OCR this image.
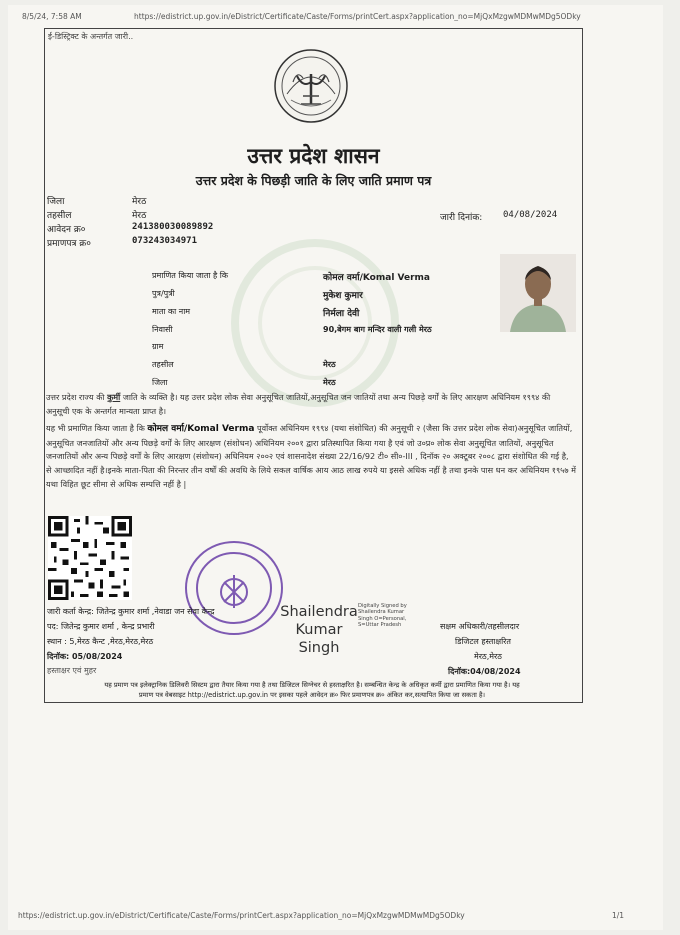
8/5/24, 7:58 AM	https://edistrict.up.gov.in/eDistrict/Certificate/Caste/Forms/printCert.aspx?application_no=MjQxMzgwMDMwMDg5ODky
ई-डिस्ट्रिक्ट के अन्तर्गत जारी..
उत्तर प्रदेश शासन
उत्तर प्रदेश के पिछड़ी जाति के लिए जाति प्रमाण पत्र
जिला	मेरठ
तहसील	मेरठ
आवेदन क्र०	241380030089892
प्रमाणपत्र क्र०	073243034971
जारी दिनांक: 04/08/2024
प्रमाणित किया जाता है कि	कोमल वर्मा/Komal Verma
पुत्र/पुत्री	मुकेश कुमार
माता का नाम	निर्मला देवी
निवासी	90,बेगम बाग मन्दिर वाली गली मेरठ
ग्राम
तहसील	मेरठ
जिला	मेरठ
उत्तर प्रदेश राज्य की कुर्मी जाति के व्यक्ति है। यह उत्तर प्रदेश लोक सेवा अनुसूचित जातियों,अनुसूचित जन जातियों तथा अन्य पिछड़े वर्गों के लिए आरक्षण अधिनियम १९९४ की अनुसूची एक के अन्तर्गत मान्यता प्राप्त है।
यह भी प्रमाणित किया जाता है कि कोमल वर्मा/Komal Verma पूर्वोक्त अधिनियम १९९४ (यथा संशोधित) की अनुसूची २ (जैसा कि उत्तर प्रदेश लोक सेवा)अनुसूचित जातियों, अनुसूचित जनजातियों और अन्य पिछड़े वर्गों के लिए आरक्षण (संशोधन) अधिनियम २००१ द्वारा प्रतिस्थापित किया गया है एवं जो उ०प्र० लोक सेवा अनुसूचित जातियों, अनुसूचित जनजातियों और अन्य पिछड़े वर्गों के लिए आरक्षण (संशोधन) अधिनियम २००२ एवं शासनादेश संख्या 22/16/92 टी० सी०-III , दिनॉक २० अक्टूबर २००८ द्वारा संशोधित की गई है, से आच्छादित नहीं है।इनके माता-पिता की निरन्तर तीन वर्षों की अवधि के लिये सकल वार्षिक आय आठ लाख रुपये या इससे अधिक नहीं है तथा इनके पास धन कर अधिनियम १९५७ में यथा विहित छूट सीमा से अधिक सम्पत्ति नहीं है |
जारी कर्ता केन्द्र: जितेन्द्र कुमार शर्मा ,नेवाडा जन सेवा केन्द्र
पद: जितेन्द्र कुमार शर्मा , केन्द्र प्रभारी
स्थान : 5,मेरठ कैन्ट ,मेरठ,मेरठ,मेरठ
दिनॉक: 05/08/2024
हस्ताक्षर एवं मुहर
Shailendra Kumar Singh
Digitally Signed by
Shailendra Kumar
Singh O=Personal,
S=Uttar Pradesh	सक्षम अधिकारी/तहसीलदार
डिजिटल हस्ताक्षरित
मेरठ,मेरठ
दिनॉक:04/08/2024
यह प्रमाण पत्र इलेक्ट्रानिक डिलिवरी सिस्टम द्वारा तैयार किया गया है तथा डिजिटल सिग्नेचर से हस्ताक्षरित है। सम्बन्धित केन्द्र के अधिकृत कर्मी द्वारा प्रमाणित किया गया है। यह
प्रमाण पत्र वेबसाइट http://edistrict.up.gov.in पर इसका पहले आवेदन क्र० फिर प्रमाणपत्र क्र० अंकित कर,सत्यापित किया जा सकता है।
https://edistrict.up.gov.in/eDistrict/Certificate/Caste/Forms/printCert.aspx?application_no=MjQxMzgwMDMwMDg5ODky	1/1
